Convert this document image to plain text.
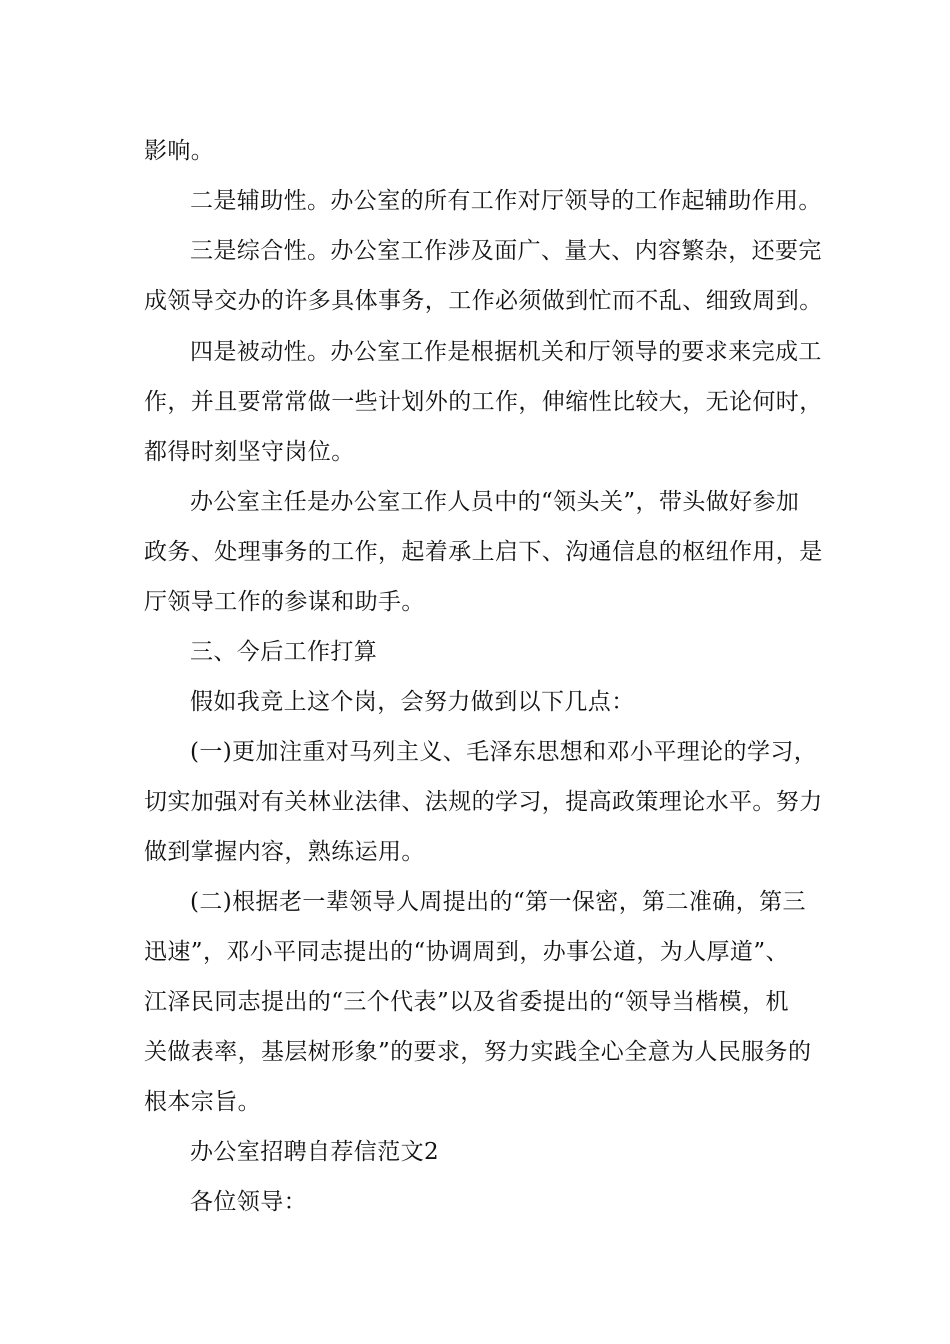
影响。
二是辅助性。办公室的所有工作对厅领导的工作起辅助作用。
三是综合性。办公室工作涉及面广、量大、内容繁杂，还要完
成领导交办的许多具体事务，工作必须做到忙而不乱、细致周到。
四是被动性。办公室工作是根据机关和厅领导的要求来完成工
作，并且要常常做一些计划外的工作，伸缩性比较大，无论何时，
都得时刻坚守岗位。
办公室主任是办公室工作人员中的“领头关”，带头做好参加
政务、处理事务的工作，起着承上启下、沟通信息的枢纽作用，是
厅领导工作的参谋和助手。
三、今后工作打算
假如我竞上这个岗，会努力做到以下几点：
(一)更加注重对马列主义、毛泽东思想和邓小平理论的学习，
切实加强对有关林业法律、法规的学习，提高政策理论水平。努力
做到掌握内容，熟练运用。
(二)根据老一辈领导人周提出的“第一保密，第二准确，第三
迅速”，邓小平同志提出的“协调周到，办事公道，为人厚道”、
江泽民同志提出的“三个代表”以及省委提出的“领导当楷模，机
关做表率，基层树形象”的要求，努力实践全心全意为人民服务的
根本宗旨。
办公室招聘自荐信范文2
各位领导：
